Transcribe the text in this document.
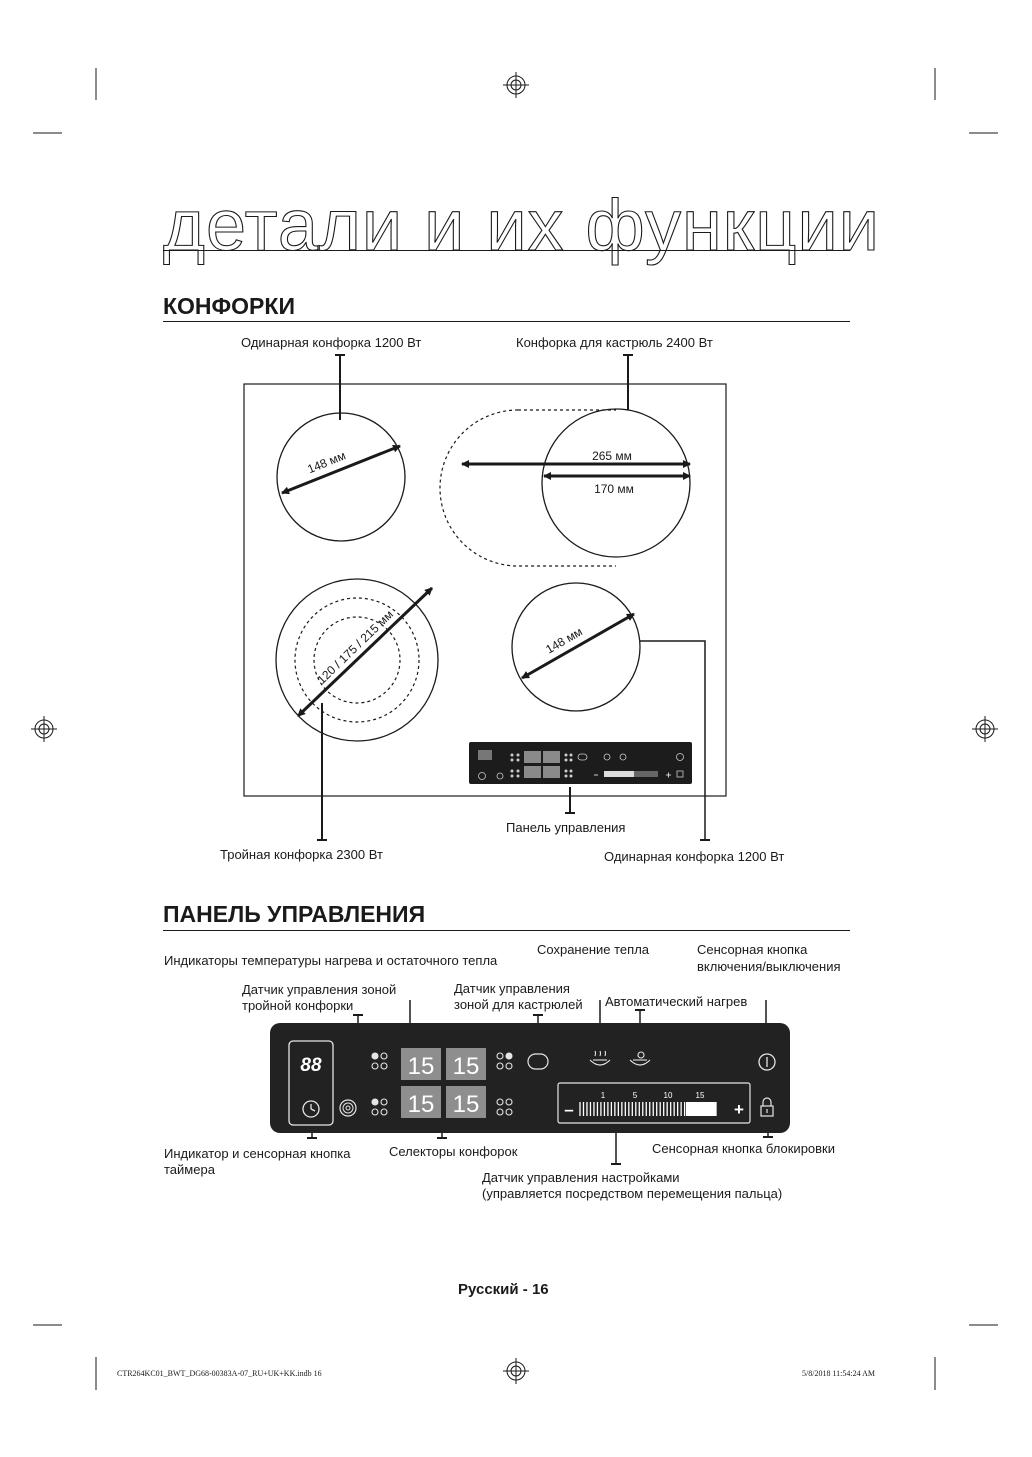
детали и их функции
КОНФОРКИ
Одинарная конфорка 1200 Вт	Конфорка для кастрюль 2400 Вт
Тройная конфорка 2300 Вт
Панель управления
Одинарная конфорка 1200 Вт
148 мм	265 мм
170 мм
120 / 175 / 215 мм	148 мм
ПАНЕЛЬ УПРАВЛЕНИЯ
Индикаторы температуры нагрева и остаточного тепла
Датчик управления зоной
тройной конфорки
Датчик управления
зоной для кастрюлей
Сохранение тепла
Автоматический нагрев
Сенсорная кнопка
включения/выключения
Индикатор и сенсорная кнопка
таймера
Селекторы конфорок	Сенсорная кнопка блокировки
Датчик управления настройками
(управляется посредством перемещения пальца)
88	15 15
15 15	–	+
1	5	10	15
Русский - 16
CTR264KC01_BWT_DG68-00383A-07_RU+UK+KK.indb 16	5/8/2018 11:54:24 AM
